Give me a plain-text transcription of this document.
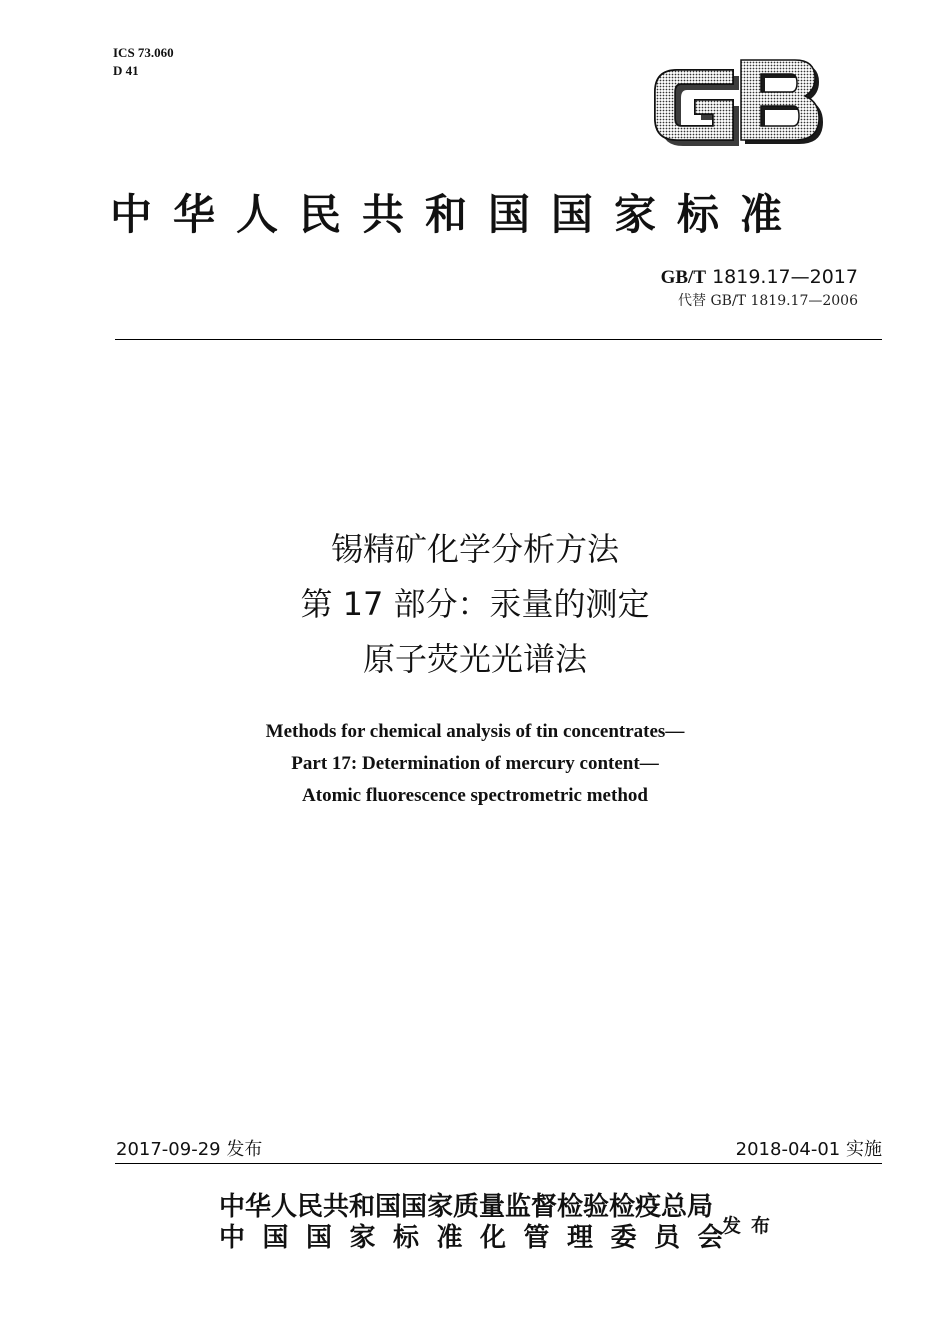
ICS 73.060
D 41
中华人民共和国国家标准
GB/T 1819.17—2017
代替 GB/T 1819.17—2006
锡精矿化学分析方法
第 17 部分：汞量的测定
原子荧光光谱法
Methods for chemical analysis of tin concentrates—
Part 17: Determination of mercury content—
Atomic fluorescence spectrometric method
2017-09-29 发布	2018-04-01 实施
中华人民共和国国家质量监督检验检疫总局
中国国家标准化管理委员会
发布
